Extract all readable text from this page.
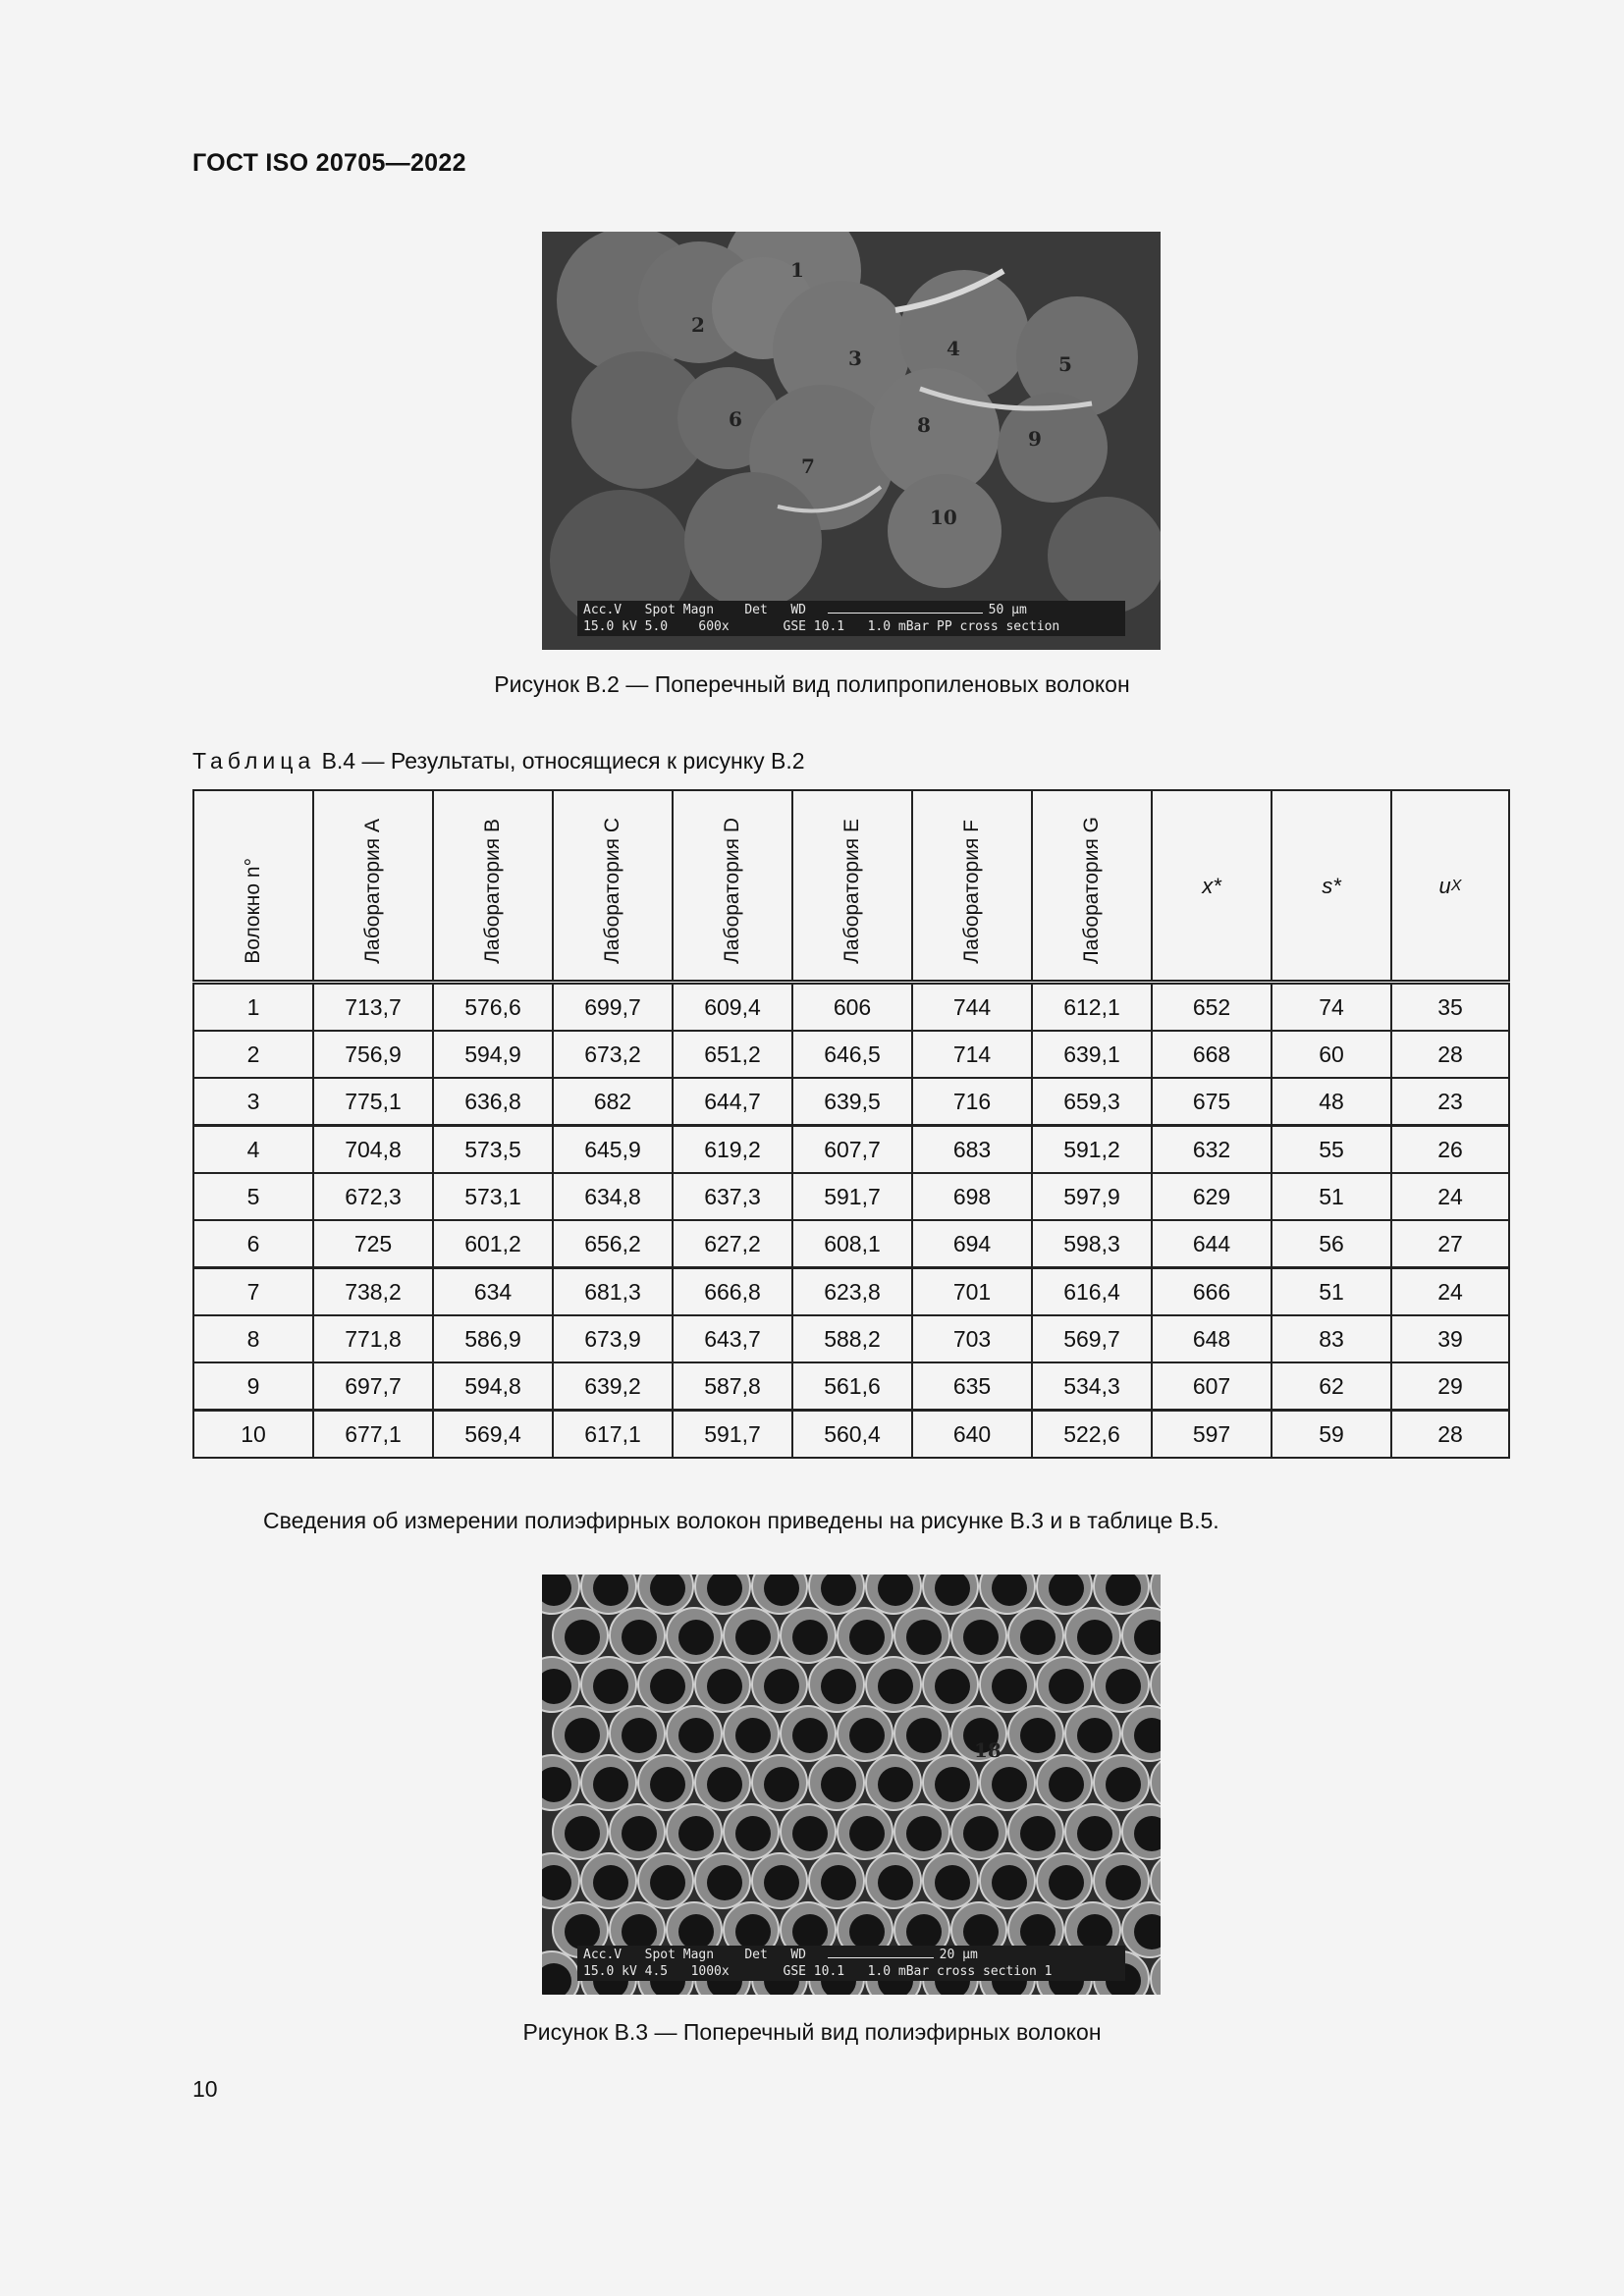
ГОСТ ISO 20705—2022
1
2
3	4
5
6
7
8
9
10
Acc.V   Spot Magn    Det   WD	50 µm
15.0 kV 5.0    600x       GSE 10.1   1.0 mBar PP cross section
Рисунок В.2 — Поперечный вид полипропиленовых волокон
Таблица В.4 — Результаты, относящиеся к рисунку В.2
Волокно n°	Лаборатория A	Лаборатория B	Лаборатория C	Лаборатория D	Лаборатория E	Лаборатория F	Лаборатория G	x*	s*	uX
1	713,7	576,6	699,7	609,4	606	744	612,1	652	74	35
2	756,9	594,9	673,2	651,2	646,5	714	639,1	668	60	28
3	775,1	636,8	682	644,7	639,5	716	659,3	675	48	23
4	704,8	573,5	645,9	619,2	607,7	683	591,2	632	55	26
5	672,3	573,1	634,8	637,3	591,7	698	597,9	629	51	24
6	725	601,2	656,2	627,2	608,1	694	598,3	644	56	27
7	738,2	634	681,3	666,8	623,8	701	616,4	666	51	24
8	771,8	586,9	673,9	643,7	588,2	703	569,7	648	83	39
9	697,7	594,8	639,2	587,8	561,6	635	534,3	607	62	29
10	677,1	569,4	617,1	591,7	560,4	640	522,6	597	59	28
Сведения об измерении полиэфирных волокон приведены на рисунке В.3 и в таблице В.5.
18
Acc.V   Spot Magn    Det   WD	20 µm
15.0 kV 4.5   1000x       GSE 10.1   1.0 mBar cross section 1
Рисунок В.3 — Поперечный вид полиэфирных волокон
10
